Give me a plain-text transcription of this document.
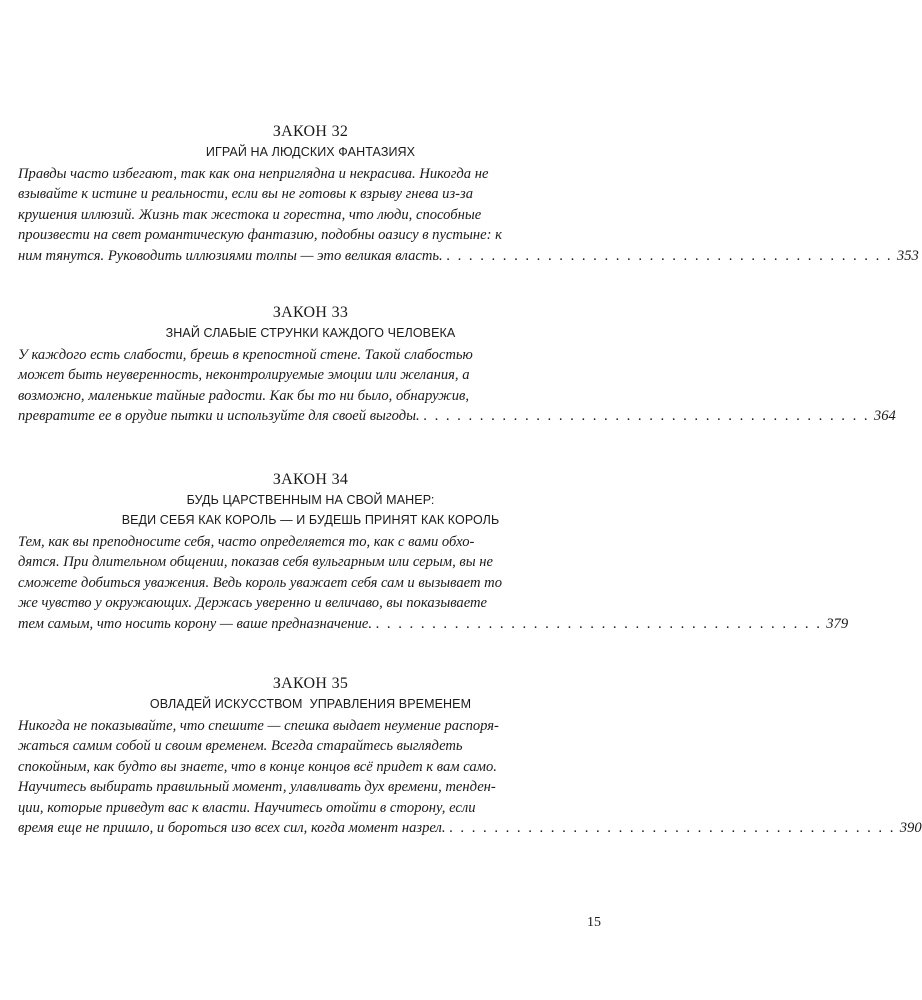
ЗАКОН 32
ИГРАЙ НА ЛЮДСКИХ ФАНТАЗИЯХ
Правды часто избегают, так как она непригляднa и некрасива. Никогда не
взывайте к истине и реальности, если вы не готовы к взрыву гнева из-за
крушения иллюзий. Жизнь так жестока и горестна, что люди, способные
произвести на свет романтическую фантазию, подобны оазису в пустыне: к
ним тянутся. Руководить иллюзиями толпы — это великая власть. . . . . . . . . . . . . . . . . . . . . . . . . . . . . . . . . . . . . . . . . 353
ЗАКОН 33
ЗНАЙ СЛАБЫЕ СТРУНКИ КАЖДОГО ЧЕЛОВЕКА
У каждого есть слабости, брешь в крепостной стене. Такой слабостью
может быть неуверенность, неконтролируемые эмоции или желания, а
возможно, маленькие тайные радости. Как бы то ни было, обнаружив,
превратите ее в орудие пытки и используйте для своей выгоды. . . . . . . . . . . . . . . . . . . . . . . . . . . . . . . . . . . . . . . . . 364
ЗАКОН 34
БУДЬ ЦАРСТВЕННЫМ НА СВОЙ МАНЕР:
ВЕДИ СЕБЯ КАК КОРОЛЬ — И БУДЕШЬ ПРИНЯТ КАК КОРОЛЬ
Тем, как вы преподносите себя, часто определяется то, как с вами обхо-
дятся. При длительном общении, показав себя вульгарным или серым, вы не
сможете добиться уважения. Ведь король уважает себя сам и вызывает то
же чувство у окружающих. Держась уверенно и величаво, вы показываете
тем самым, что носить корону — ваше предназначение. . . . . . . . . . . . . . . . . . . . . . . . . . . . . . . . . . . . . . . . . 379
ЗАКОН 35
ОВЛАДЕЙ ИСКУССТВОМ  УПРАВЛЕНИЯ ВРЕМЕНЕМ
Никогда не показывайте, что спешите — спешка выдает неумение распоря-
жаться самим собой и своим временем. Всегда старайтесь выглядеть
спокойным, как будто вы знаете, что в конце концов всё придет к вам само.
Научитесь выбирать правильный момент, улавливать дух времени, тенден-
ции, которые приведут вас к власти. Научитесь отойти в сторону, если
время еще не пришло, и бороться изо всех сил, когда момент назрел. . . . . . . . . . . . . . . . . . . . . . . . . . . . . . . . . . . . . . . . . 390
15
